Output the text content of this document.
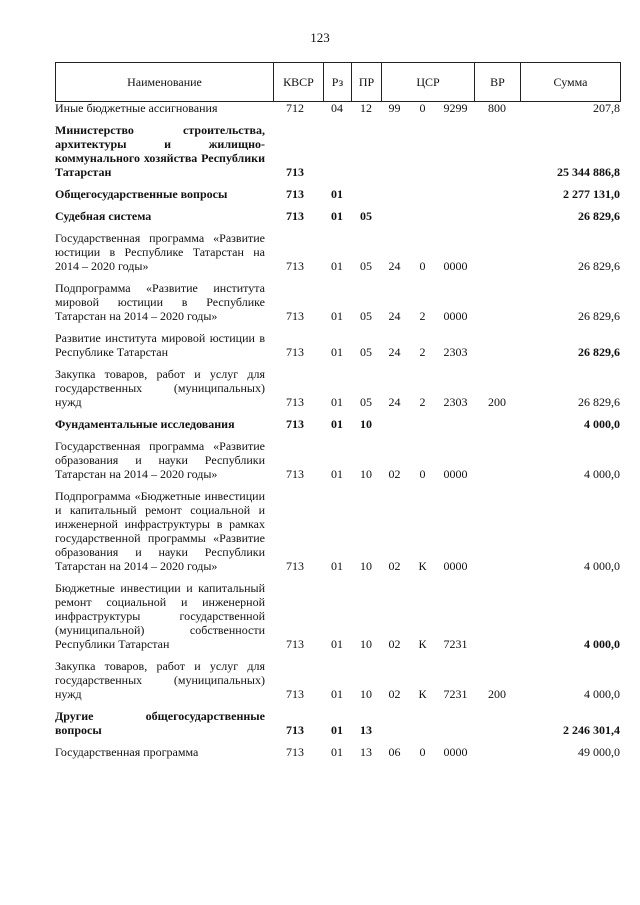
123
Наименование	КВСР	Рз	ПР	ЦСР	ВР	Сумма
Иные бюджетные ассигнования	712	04	12	99	0	9299	800	207,8
Министерство строительства, архитектуры и жилищно-коммунального хозяйства Республики Татарстан	713							25 344 886,8
Общегосударственные вопросы	713	01						2 277 131,0
Судебная система	713	01	05					26 829,6
Государственная программа «Развитие юстиции в Республике Татарстан на 2014 – 2020 годы»	713	01	05	24	0	0000		26 829,6
Подпрограмма «Развитие института мировой юстиции в Республике Татарстан на 2014 – 2020 годы»	713	01	05	24	2	0000		26 829,6
Развитие института мировой юстиции в Республике Татарстан	713	01	05	24	2	2303		26 829,6
Закупка товаров, работ и услуг для государственных (муниципальных) нужд	713	01	05	24	2	2303	200	26 829,6
Фундаментальные исследования	713	01	10					4 000,0
Государственная программа «Развитие образования и науки Республики Татарстан на 2014 – 2020 годы»	713	01	10	02	0	0000		4 000,0
Подпрограмма «Бюджетные инвестиции и капитальный ремонт социальной и инженерной инфраструктуры в рамках государственной программы «Развитие образования и науки Республики Татарстан на 2014 – 2020 годы»	713	01	10	02	К	0000		4 000,0
Бюджетные инвестиции и капитальный ремонт социальной и инженерной инфраструктуры государственной (муниципальной) собственности Республики Татарстан	713	01	10	02	К	7231		4 000,0
Закупка товаров, работ и услуг для государственных (муниципальных) нужд	713	01	10	02	К	7231	200	4 000,0
Другие общегосударственные вопросы	713	01	13					2 246 301,4
Государственная программа	713	01	13	06	0	0000		49 000,0
